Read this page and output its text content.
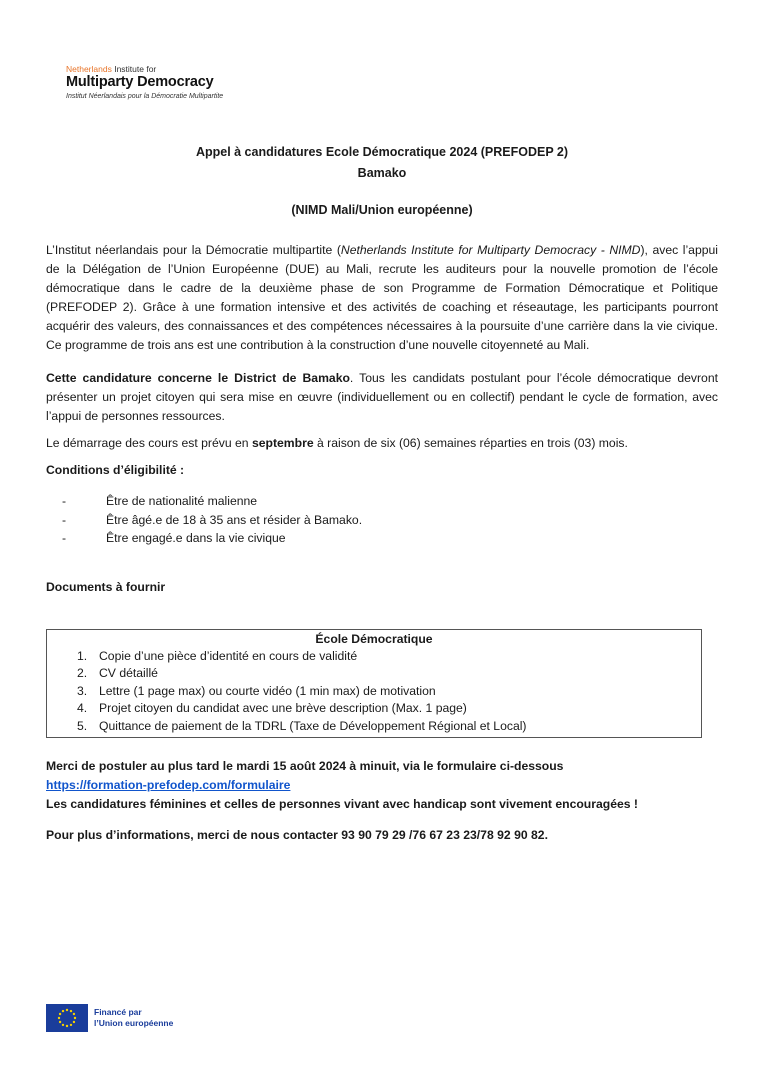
Netherlands Institute for
Multiparty Democracy
Institut Néerlandais pour la Démocratie Multipartite
Appel à candidatures Ecole Démocratique 2024 (PREFODEP 2)
Bamako
(NIMD Mali/Union européenne)

L’Institut néerlandais pour la Démocratie multipartite (Netherlands Institute for Multiparty Democracy - NIMD), avec l’appui de la Délégation de l’Union Européenne (DUE) au Mali, recrute les auditeurs pour la nouvelle promotion de l’école démocratique dans le cadre de la deuxième phase de son Programme de Formation Démocratique et Politique (PREFODEP 2). Grâce à une formation intensive et des activités de coaching et réseautage, les participants pourront acquérir des valeurs, des connaissances et des compétences nécessaires à la poursuite d’une carrière dans la vie civique. Ce programme de trois ans est une contribution à la construction d’une nouvelle citoyenneté au Mali.

Cette candidature concerne le District de Bamako. Tous les candidats postulant pour l’école démocratique devront présenter un projet citoyen qui sera mise en œuvre (individuellement ou en collectif) pendant le cycle de formation, avec l’appui de personnes ressources.

Le démarrage des cours est prévu en septembre à raison de six (06) semaines réparties en trois (03) mois.

Conditions d’éligibilité :

-	Être de nationalité malienne
-	Être âgé.e de 18 à 35 ans et résider à Bamako.
-	Être engagé.e dans la vie civique

Documents à fournir

École Démocratique
1. Copie d’une pièce d’identité en cours de validité
2. CV détaillé
3. Lettre (1 page max) ou courte vidéo (1 min max) de motivation
4. Projet citoyen du candidat avec une brève description (Max. 1 page)
5. Quittance de paiement de la TDRL (Taxe de Développement Régional et Local)
Merci de postuler au plus tard le mardi 15 août 2024 à minuit, via le formulaire ci-dessous
https://formation-prefodep.com/formulaire
Les candidatures féminines et celles de personnes vivant avec handicap sont vivement encouragées !

Pour plus d’informations, merci de nous contacter 93 90 79 29 /76 67 23 23/78 92 90 82.

Financé par
l’Union européenne
